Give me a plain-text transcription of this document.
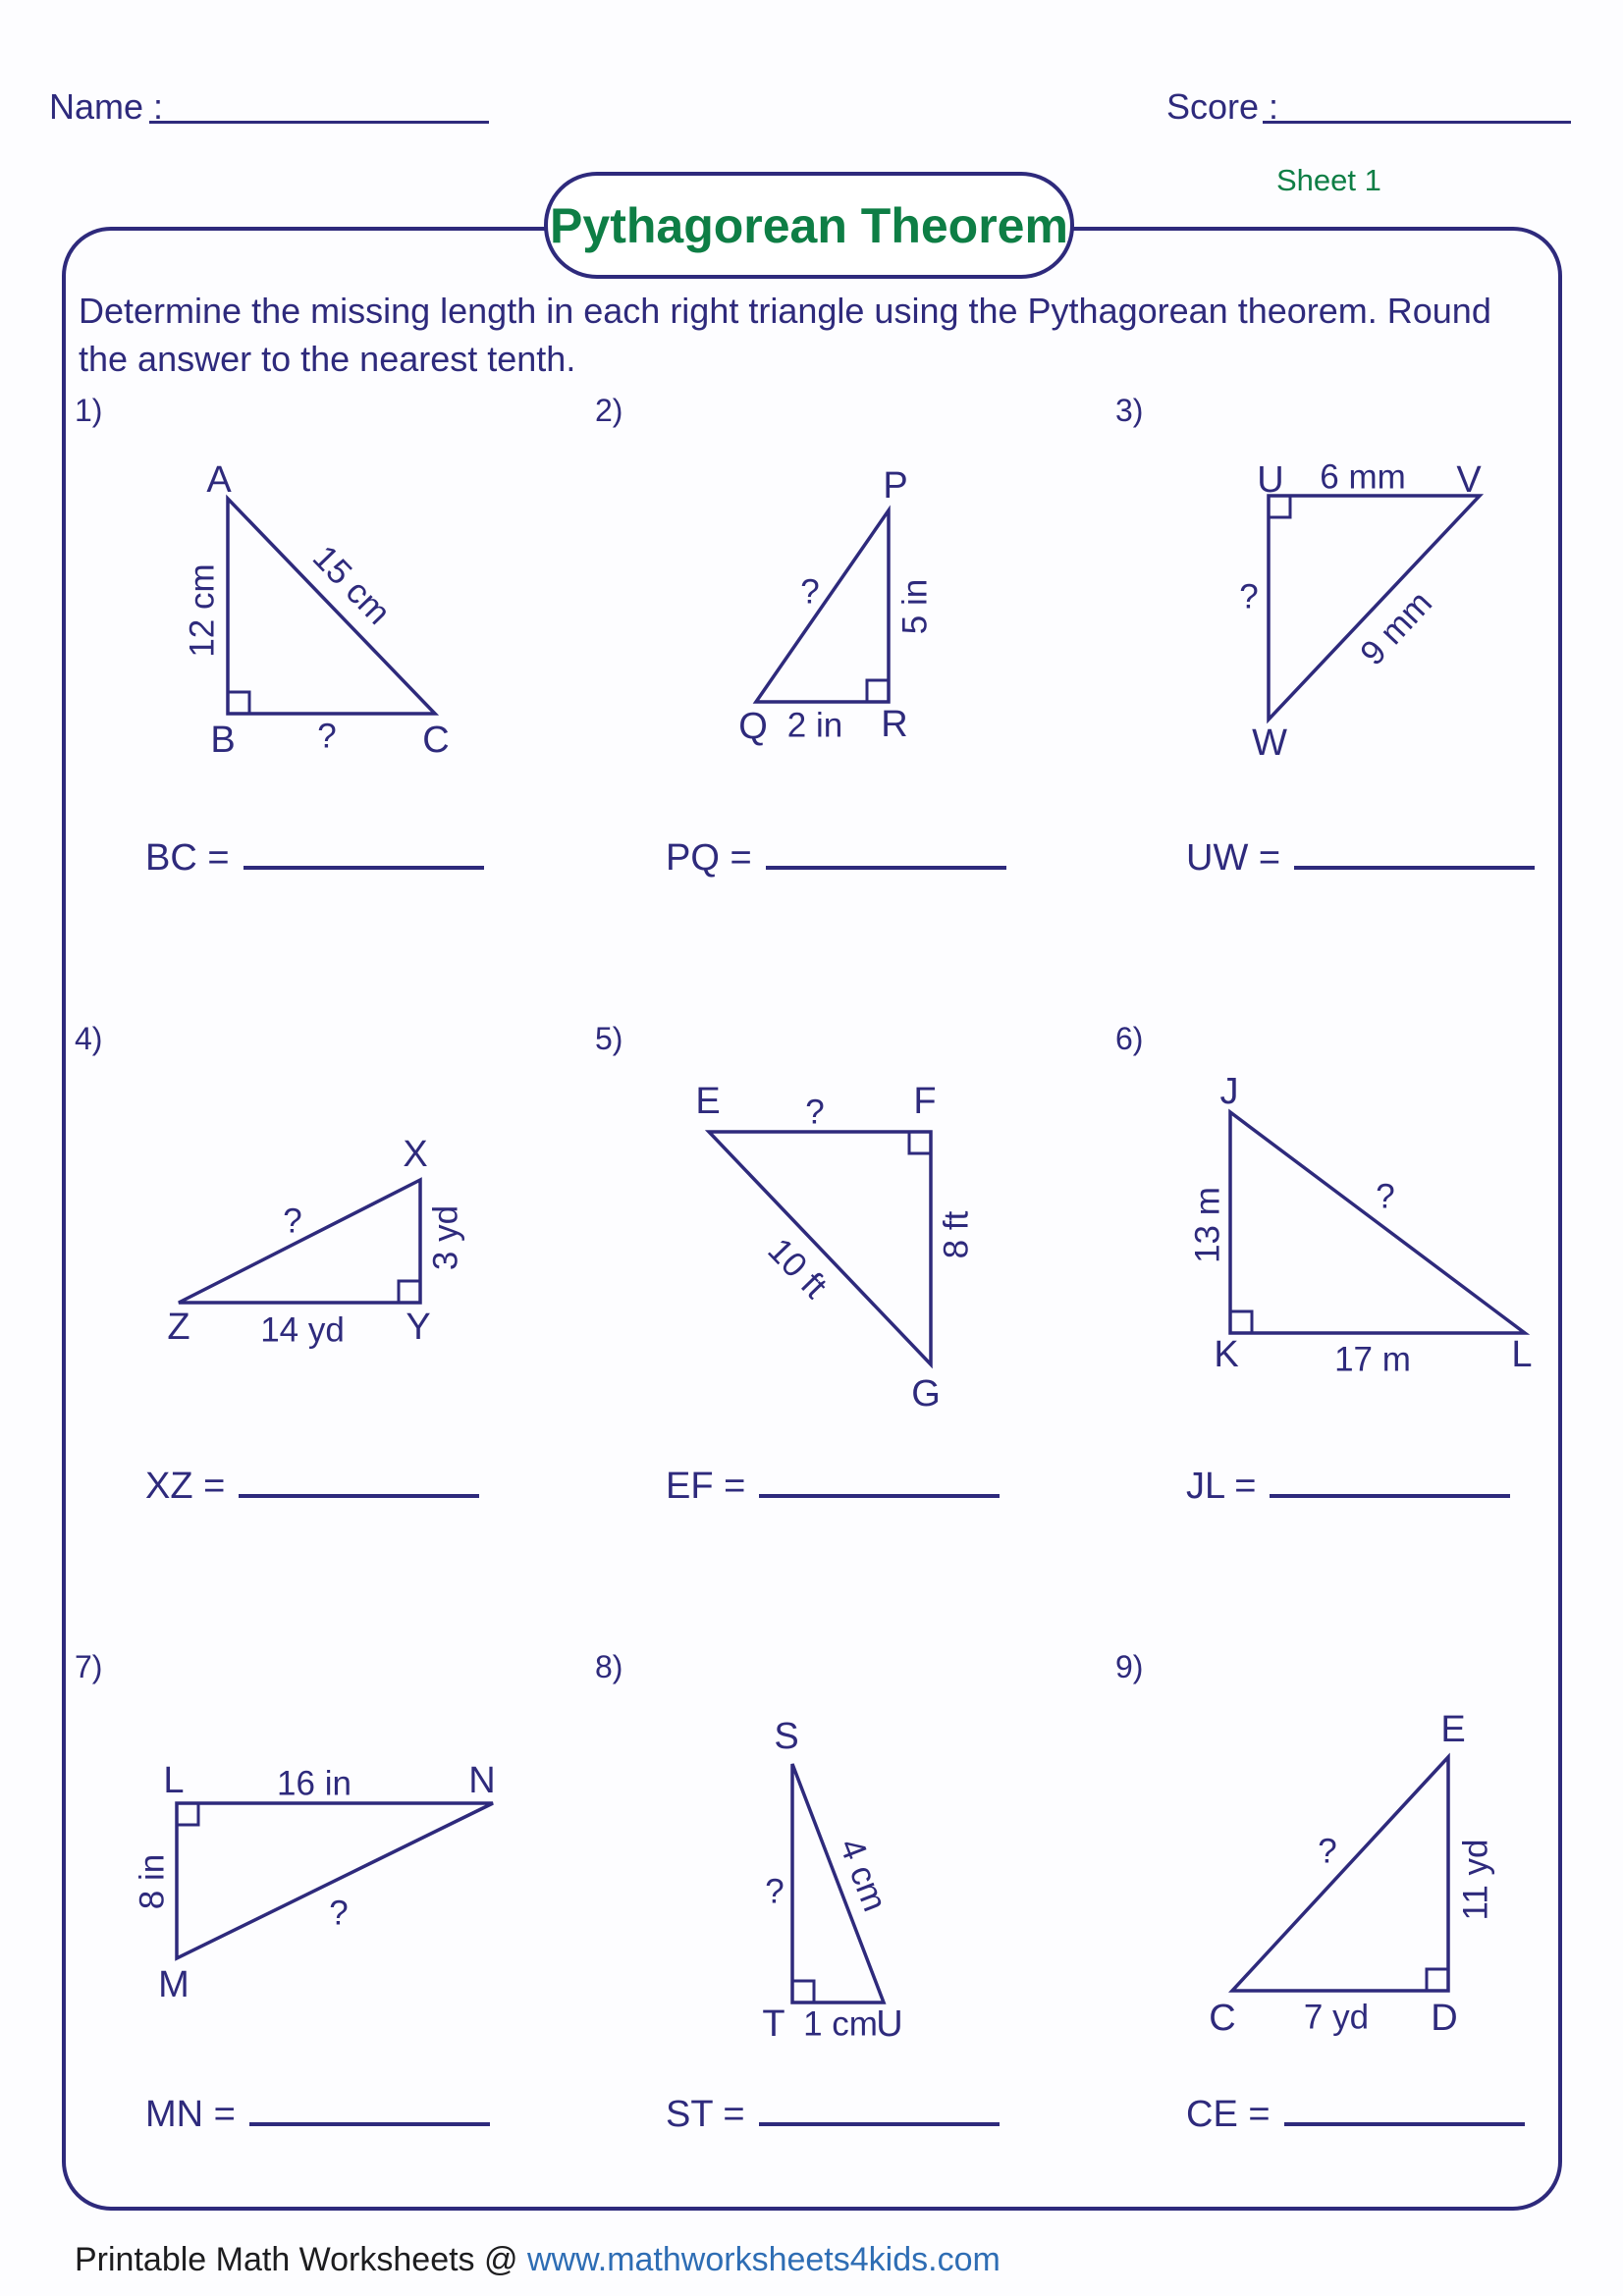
Name :	Score :
Pythagorean Theorem
Sheet 1
Determine the missing length in each right triangle using the Pythagorean theorem. Round
the answer to the nearest tenth.
1)
A
B	C
12 cm 15 cm
?
BC =
2)
P
Q	R
5 in
2 in
?
PQ =
3)
U	V
W
6 mm
9 mm
?
UW =
4)
X
Z	Y
3 yd
14 yd
?
XZ =
5)
E	F
G
?
8 ft
10 ft
EF =
6)
J
K	L
13 m
17 m
?
JL =
7)
L	N
M
16 in
8 in
?
MN =
8)
S
T U
? 4 cm
1 cm
ST =
9)
E
C	D
?	11 yd
7 yd
CE =
Printable Math Worksheets @ www.mathworksheets4kids.com
